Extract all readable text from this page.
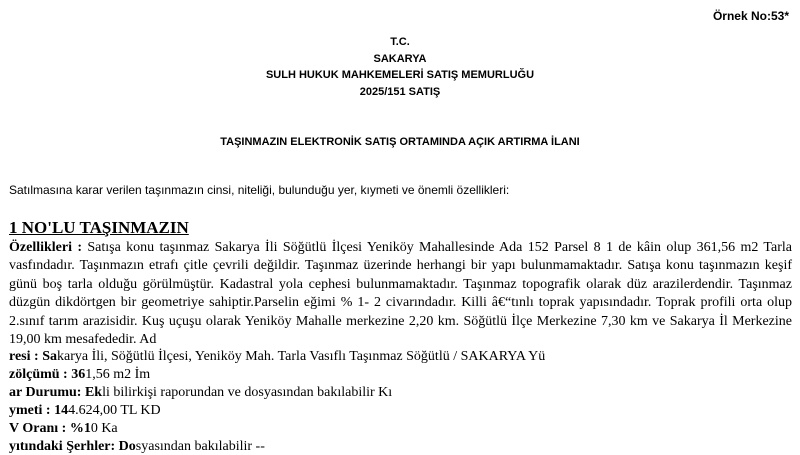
Örnek No:53*
T.C.
SAKARYA
SULH HUKUK MAHKEMELERİ SATIŞ MEMURLUĞU
2025/151 SATIŞ
TAŞINMAZIN ELEKTRONİK SATIŞ ORTAMINDA AÇIK ARTIRMA İLANI
Satılmasına karar verilen taşınmazın cinsi, niteliği, bulunduğu yer, kıymeti ve önemli özellikleri:
1 NO'LU TAŞINMAZIN

Özellikleri : Satışa konu taşınmaz Sakarya İli Söğütlü İlçesi Yeniköy Mahallesinde Ada 152 Parsel 8 1 de kâin olup 361,56 m2 Tarla vasfındadır. Taşınmazın etrafı çitle çevrili değildir. Taşınmaz üzerinde herhangi bir yapı bulunmamaktadır. Satışa konu taşınmazın keşif günü boş tarla olduğu görülmüştür. Kadastral yola cephesi bulunmamaktadır. Taşınmaz topografik olarak düz arazilerdendir. Taşınmaz düzgün dikdörtgen bir geometriye sahiptir.Parselin eğimi % 1- 2 civarındadır. Killi â€“tınlı toprak yapısındadır. Toprak profili orta olup 2.sınıf tarım arazisidir. Kuş uçuşu olarak Yeniköy Mahalle merkezine 2,20 km. Söğütlü İlçe Merkezine 7,30 km ve Sakarya İl Merkezine 19,00 km mesafededir. Ad

resi : Sakarya İli, Söğütlü İlçesi, Yeniköy Mah. Tarla Vasıflı Taşınmaz Söğütlü / SAKARYA Yü
zölçümü : 361,56 m2 İm
ar Durumu: Ekli bilirkişi raporundan ve dosyasından bakılabilir Kı
ymeti : 144.624,00 TL KD
V Oranı : %10 Ka
yıtındaki Şerhler: Dosyasından bakılabilir --
